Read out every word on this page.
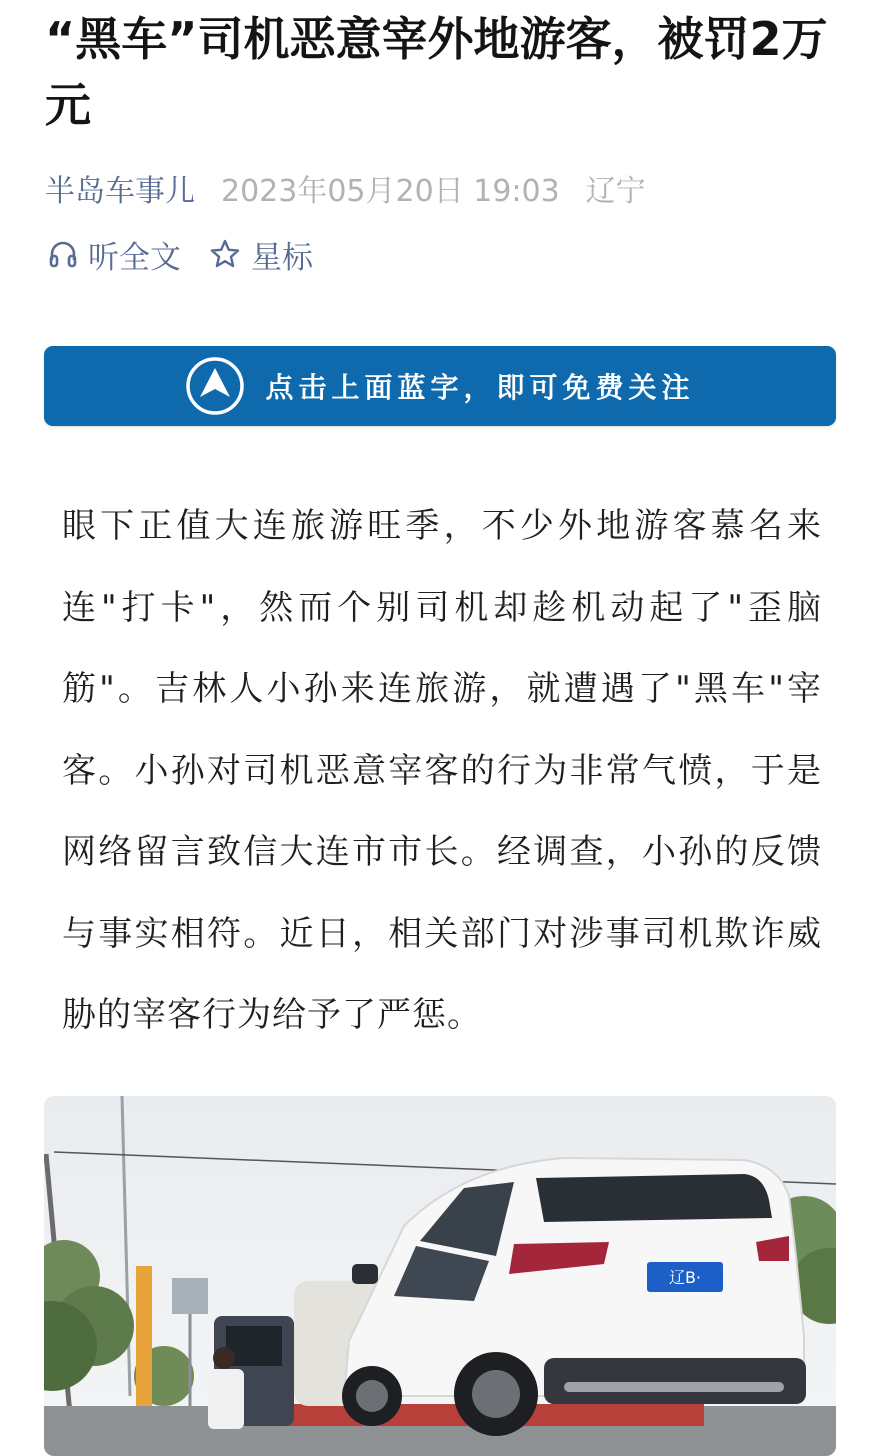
“黑车”司机恶意宰外地游客，被罚2万元
半岛车事儿 2023年05月20日 19:03 辽宁
听全文 星标
点击上面蓝字，即可免费关注

眼下正值大连旅游旺季，不少外地游客慕名来连"打卡"，然而个别司机却趁机动起了"歪脑筋"。吉林人小孙来连旅游，就遭遇了"黑车"宰客。小孙对司机恶意宰客的行为非常气愤，于是网络留言致信大连市市长。经调查，小孙的反馈与事实相符。近日，相关部门对涉事司机欺诈威胁的宰客行为给予了严惩。

辽B·
